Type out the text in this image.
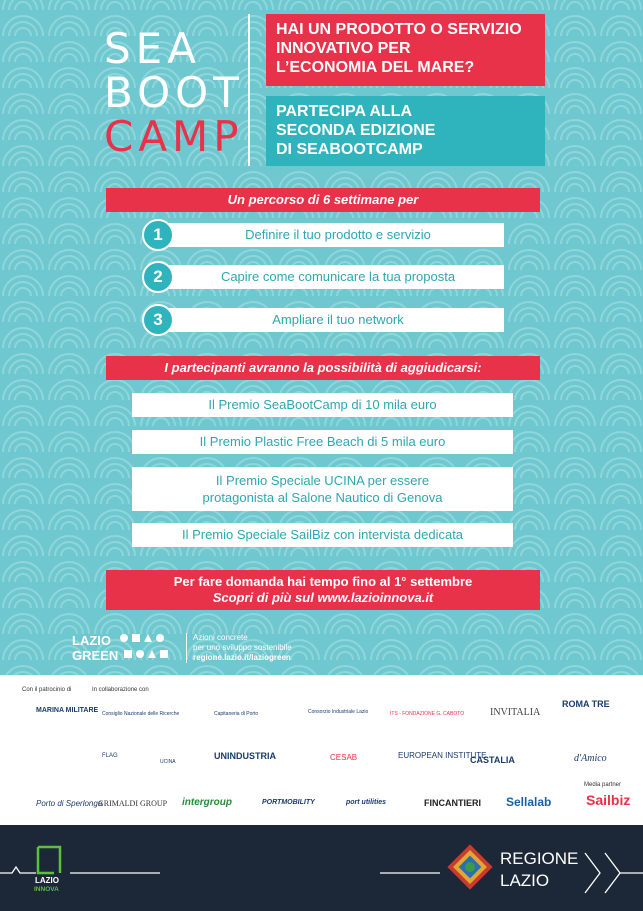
SEA
BOOT
CAMP
HAI UN PRODOTTO O SERVIZIO
INNOVATIVO PER
L’ECONOMIA DEL MARE?
PARTECIPA ALLA
SECONDA EDIZIONE
DI SEABOOTCAMP
Un percorso di 6 settimane per
Definire il tuo prodotto e servizio
1
Capire come comunicare la tua proposta
2
Ampliare il tuo network
3
I partecipanti avranno la possibilità di aggiudicarsi:
Il Premio SeaBootCamp di 10 mila euro
Il Premio Plastic Free Beach di 5 mila euro
Il Premio Speciale UCINA per essere
protagonista al Salone Nautico di Genova
Il Premio Speciale SailBiz con intervista dedicata
Per fare domanda hai tempo fino al 1° settembre
Scopri di più sul www.lazioinnova.it
LAZIO
GREEN
Azioni concrete
per uno sviluppo sostenibile
regione.lazio.it/laziogreen
Con il patrocinio di	In collaborazione con
MARINA MILITARE Consiglio Nazionale delle Ricerche	Capitaneria di Porto	Consorzio Industriale Lazio	ITS - FONDAZIONE G. CABOTO	INVITALIA
ROMA TRE
FLAG
UCINA
UNINDUSTRIA	CESAB	EUROPEAN INSTITUTE
CASTALIA	d'Amico
Media partner
Porto di Sperlonga
GRIMALDI GROUP intergroup	PORTMOBILITY	port utilities	FINCANTIERI Sellalab Sailbiz
LAZIO
INNOVA
REGIONE
LAZIO
